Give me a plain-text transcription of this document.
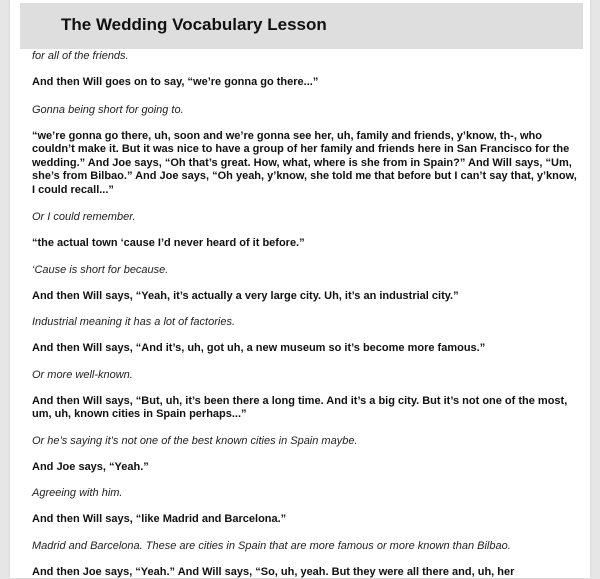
The Wedding Vocabulary Lesson

for all of the friends.

And then Will goes on to say, “we’re gonna go there...”

Gonna being short for going to.

“we’re gonna go there, uh, soon and we’re gonna see her, uh, family and friends, y’know, th-, who couldn’t make it. But it was nice to have a group of her family and friends here in San Francisco for the wedding.” And Joe says, “Oh that’s great. How, what, where is she from in Spain?” And Will says, “Um, she’s from Bilbao.” And Joe says, “Oh yeah, y’know, she told me that before but I can’t say that, y’know, I could recall...”

Or I could remember.

“the actual town ‘cause I’d never heard of it before.”

‘Cause is short for because.

And then Will says, “Yeah, it’s actually a very large city. Uh, it’s an industrial city.”

Industrial meaning it has a lot of factories.

And then Will says, “And it’s, uh, got uh, a new museum so it’s become more famous.”

Or more well-known.

And then Will says, “But, uh, it’s been there a long time. And it’s a big city. But it’s not one of the most, um, uh, known cities in Spain perhaps...”

Or he’s saying it’s not one of the best known cities in Spain maybe.

And Joe says, “Yeah.”

Agreeing with him.

And then Will says, “like Madrid and Barcelona.”

Madrid and Barcelona. These are cities in Spain that are more famous or more known than Bilbao.

And then Joe says, “Yeah.” And Will says, “So, uh, yeah. But they were all there and, uh, her
